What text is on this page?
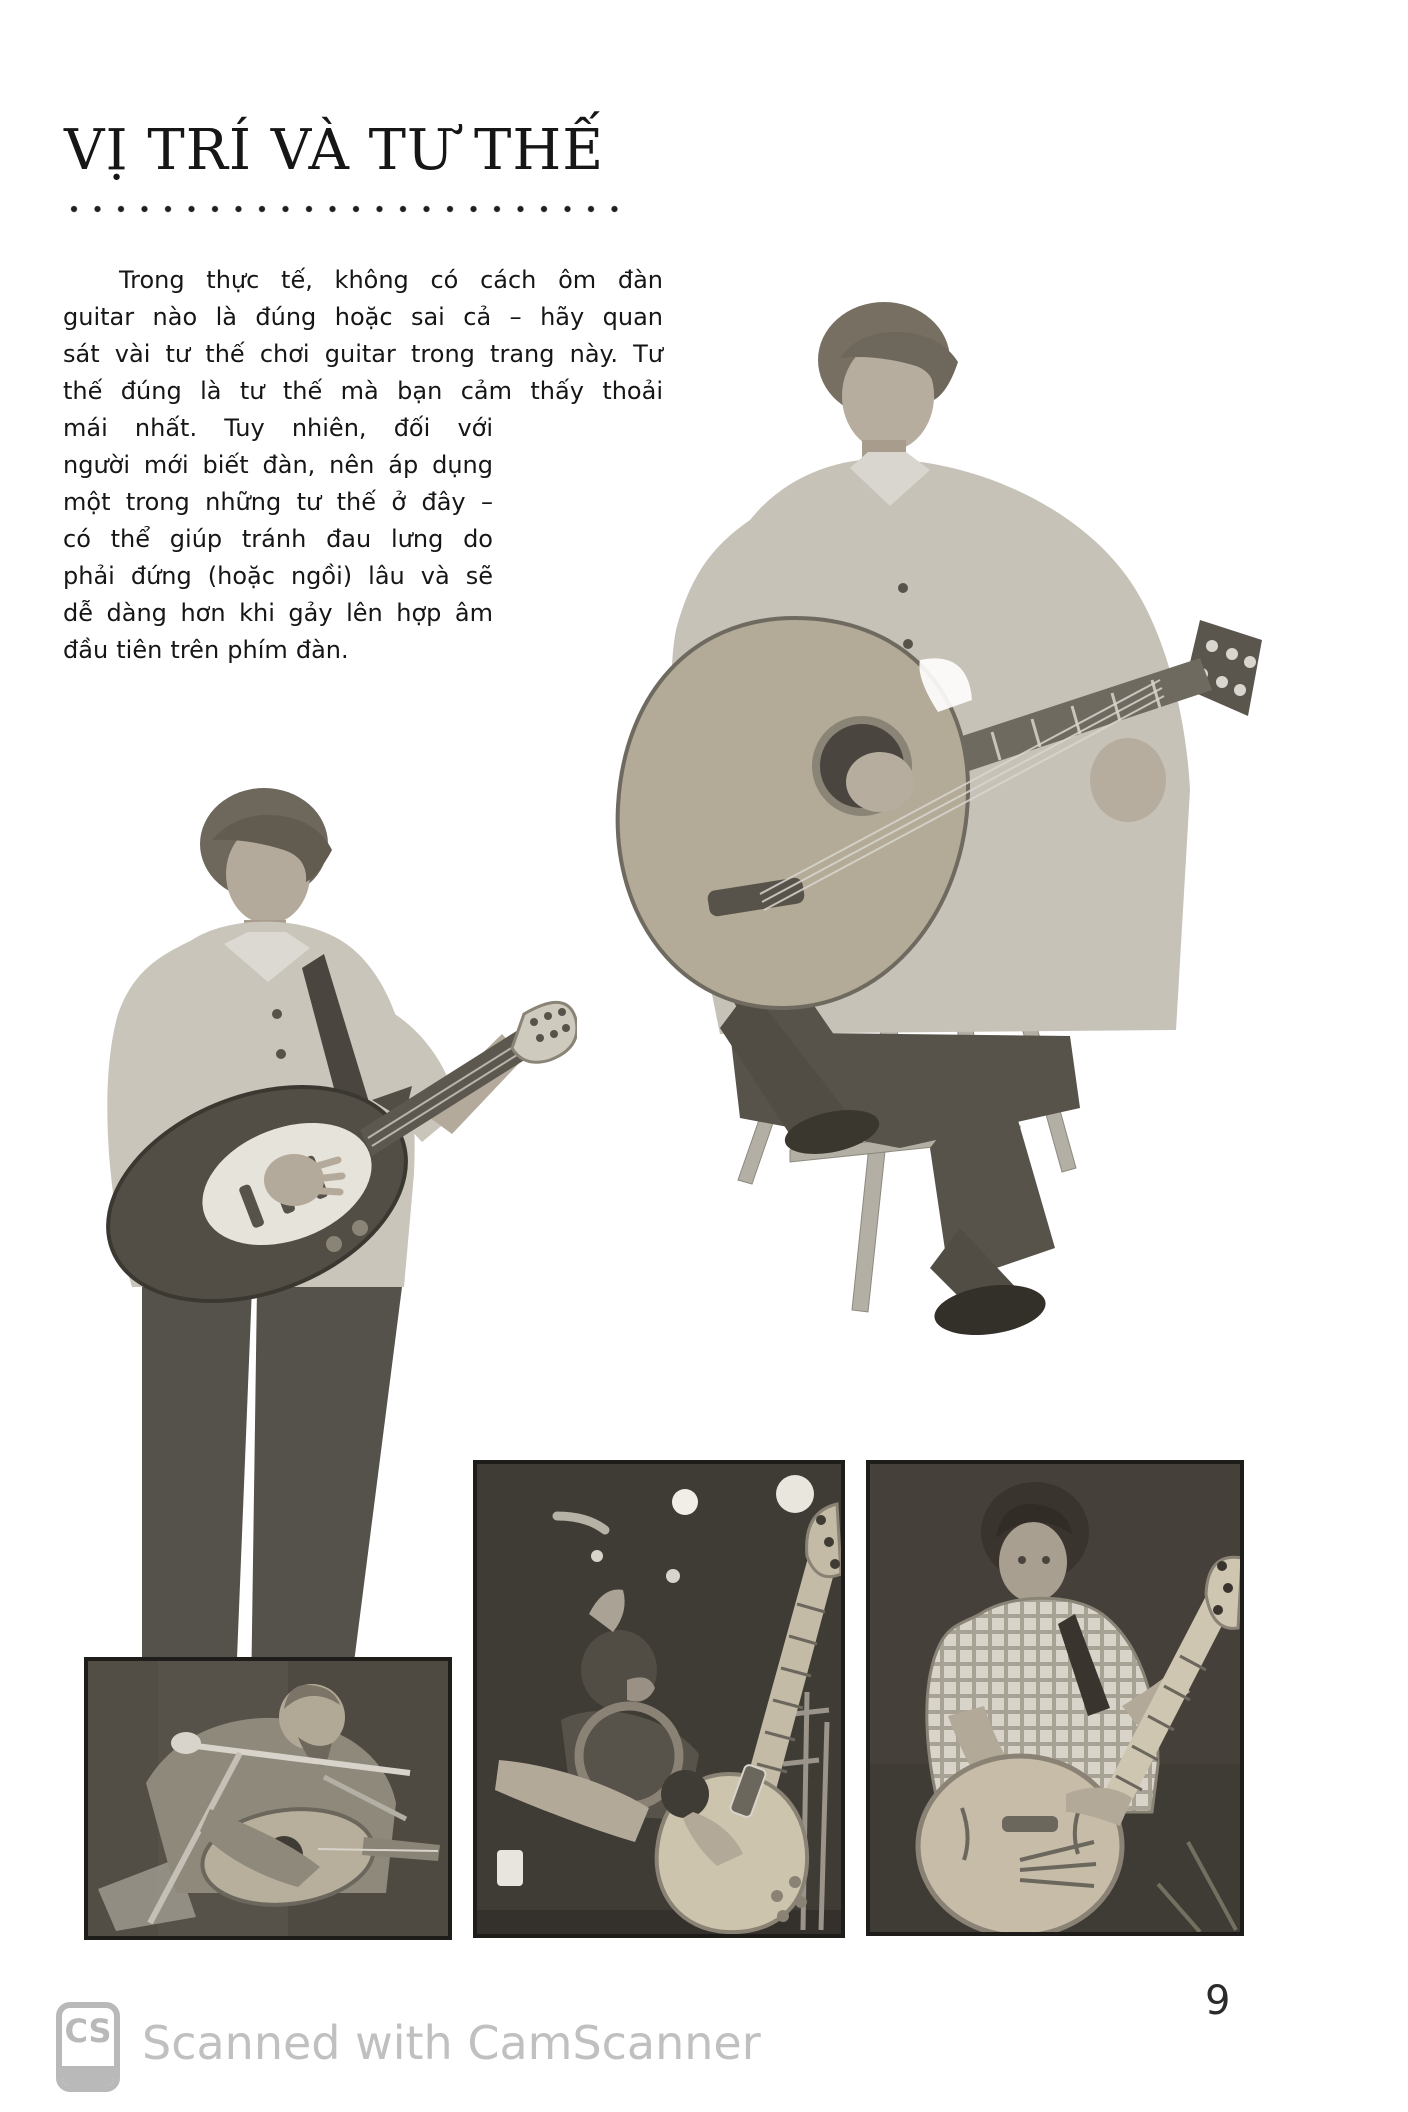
VỊ TRÍ VÀ TƯ THẾ
Trong thực tế, không có cách ôm đàn
guitar nào là đúng hoặc sai cả – hãy quan
sát vài tư thế chơi guitar trong trang này. Tư
thế đúng là tư thế mà bạn cảm thấy thoải
mái nhất. Tuy nhiên, đối với
người mới biết đàn, nên áp dụng
một trong những tư thế ở đây –
có thể giúp tránh đau lưng do
phải đứng (hoặc ngồi) lâu và sẽ
dễ dàng hơn khi gảy lên hợp âm
đầu tiên trên phím đàn.
9
CS Scanned with CamScanner
